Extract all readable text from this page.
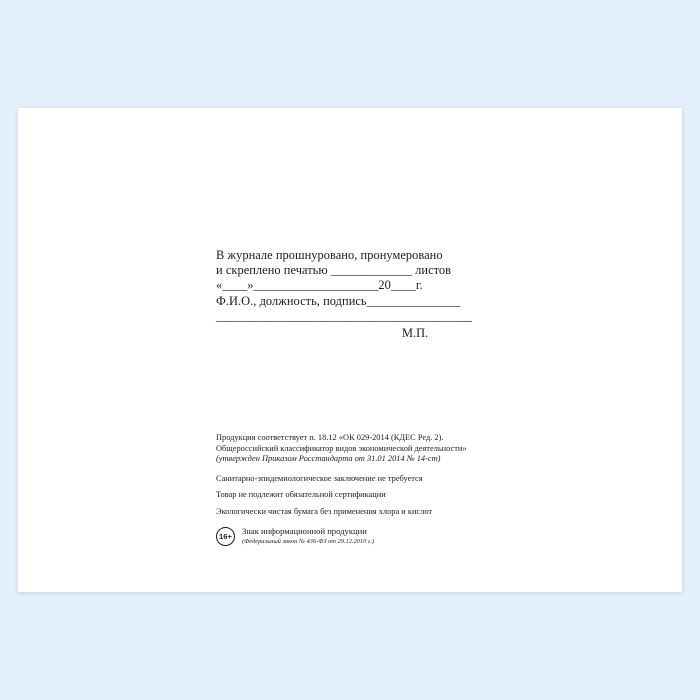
В журнале прошнуровано, пронумеровано
и скреплено печатью _____________ листов
«____»____________________20____г.
Ф.И.О., должность, подпись_______________
_________________________________________
М.П.
Продукция соответствует п. 18.12 «ОК 029-2014 (КДЕС Ред. 2).
Общероссийский классификатор видов экономической деятельности»
(утвержден Приказом Росстандарта от 31.01 2014 № 14-ст)
Санитарно-эпидемиологическое заключение не требуется
Товар не подлежит обязательной сертификации
Экологически чистая бумага без применения хлора и кислот
16+	Знак информационной продукции
(Федеральный закон № 436-ФЗ от 29.12.2010 г.)
